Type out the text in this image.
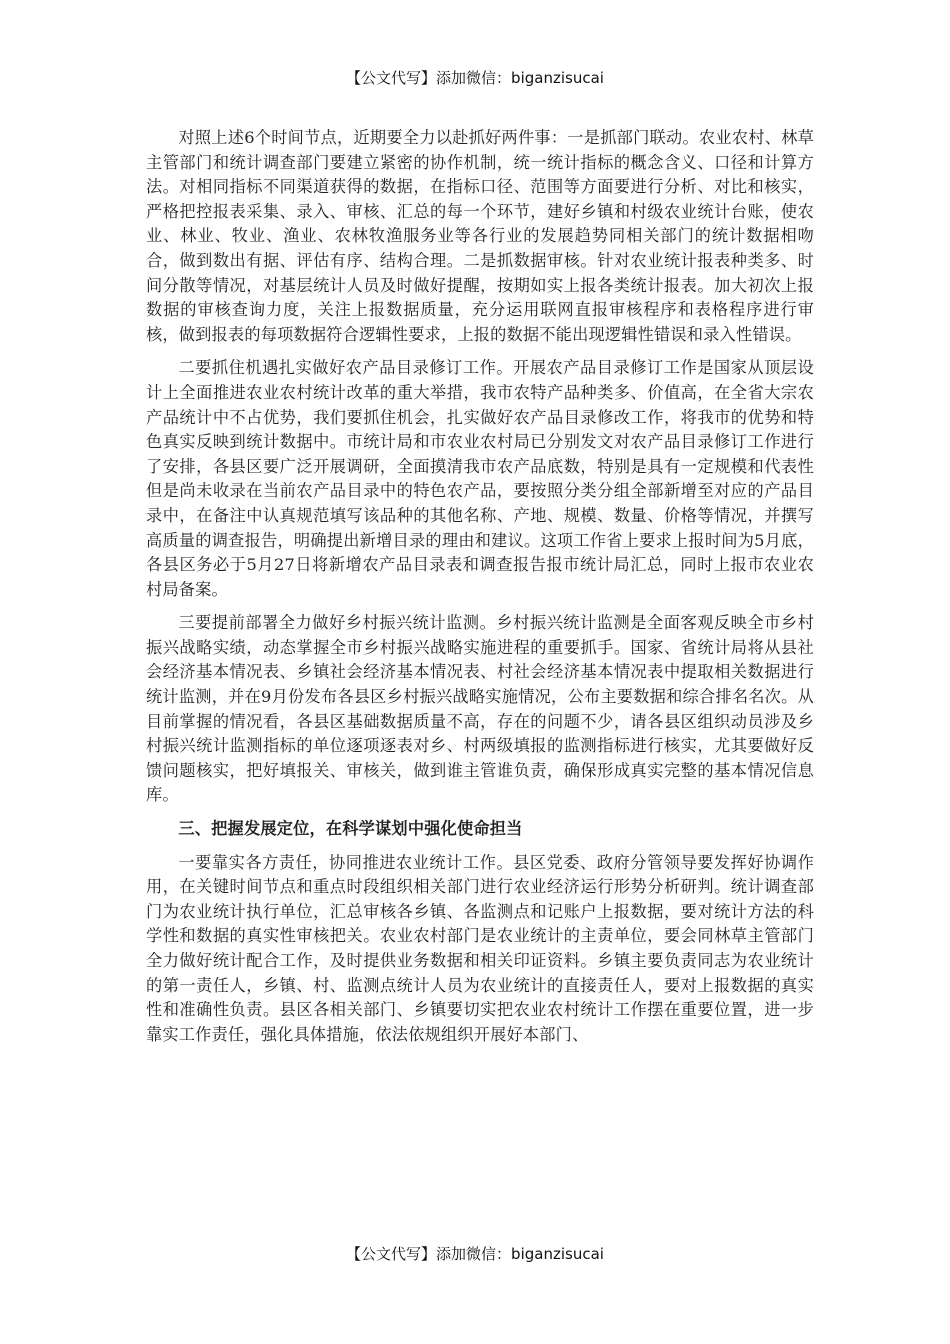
【公文代写】添加微信：biganzisucai

对照上述6个时间节点，近期要全力以赴抓好两件事：一是抓部门联动。农业农村、林草主管部门和统计调查部门要建立紧密的协作机制，统一统计指标的概念含义、口径和计算方法。对相同指标不同渠道获得的数据，在指标口径、范围等方面要进行分析、对比和核实，严格把控报表采集、录入、审核、汇总的每一个环节，建好乡镇和村级农业统计台账，使农业、林业、牧业、渔业、农林牧渔服务业等各行业的发展趋势同相关部门的统计数据相吻合，做到数出有据、评估有序、结构合理。二是抓数据审核。针对农业统计报表种类多、时间分散等情况，对基层统计人员及时做好提醒，按期如实上报各类统计报表。加大初次上报数据的审核查询力度，关注上报数据质量，充分运用联网直报审核程序和表格程序进行审核，做到报表的每项数据符合逻辑性要求，上报的数据不能出现逻辑性错误和录入性错误。

二要抓住机遇扎实做好农产品目录修订工作。开展农产品目录修订工作是国家从顶层设计上全面推进农业农村统计改革的重大举措，我市农特产品种类多、价值高，在全省大宗农产品统计中不占优势，我们要抓住机会，扎实做好农产品目录修改工作，将我市的优势和特色真实反映到统计数据中。市统计局和市农业农村局已分别发文对农产品目录修订工作进行了安排，各县区要广泛开展调研，全面摸清我市农产品底数，特别是具有一定规模和代表性但是尚未收录在当前农产品目录中的特色农产品，要按照分类分组全部新增至对应的产品目录中，在备注中认真规范填写该品种的其他名称、产地、规模、数量、价格等情况，并撰写高质量的调查报告，明确提出新增目录的理由和建议。这项工作省上要求上报时间为5月底，各县区务必于5月27日将新增农产品目录表和调查报告报市统计局汇总，同时上报市农业农村局备案。

三要提前部署全力做好乡村振兴统计监测。乡村振兴统计监测是全面客观反映全市乡村振兴战略实绩，动态掌握全市乡村振兴战略实施进程的重要抓手。国家、省统计局将从县社会经济基本情况表、乡镇社会经济基本情况表、村社会经济基本情况表中提取相关数据进行统计监测，并在9月份发布各县区乡村振兴战略实施情况，公布主要数据和综合排名名次。从目前掌握的情况看，各县区基础数据质量不高，存在的问题不少，请各县区组织动员涉及乡村振兴统计监测指标的单位逐项逐表对乡、村两级填报的监测指标进行核实，尤其要做好反馈问题核实，把好填报关、审核关，做到谁主管谁负责，确保形成真实完整的基本情况信息库。

三、把握发展定位，在科学谋划中强化使命担当

一要靠实各方责任，协同推进农业统计工作。县区党委、政府分管领导要发挥好协调作用，在关键时间节点和重点时段组织相关部门进行农业经济运行形势分析研判。统计调查部门为农业统计执行单位，汇总审核各乡镇、各监测点和记账户上报数据，要对统计方法的科学性和数据的真实性审核把关。农业农村部门是农业统计的主责单位，要会同林草主管部门全力做好统计配合工作，及时提供业务数据和相关印证资料。乡镇主要负责同志为农业统计的第一责任人，乡镇、村、监测点统计人员为农业统计的直接责任人，要对上报数据的真实性和准确性负责。县区各相关部门、乡镇要切实把农业农村统计工作摆在重要位置，进一步靠实工作责任，强化具体措施，依法依规组织开展好本部门、

【公文代写】添加微信：biganzisucai
